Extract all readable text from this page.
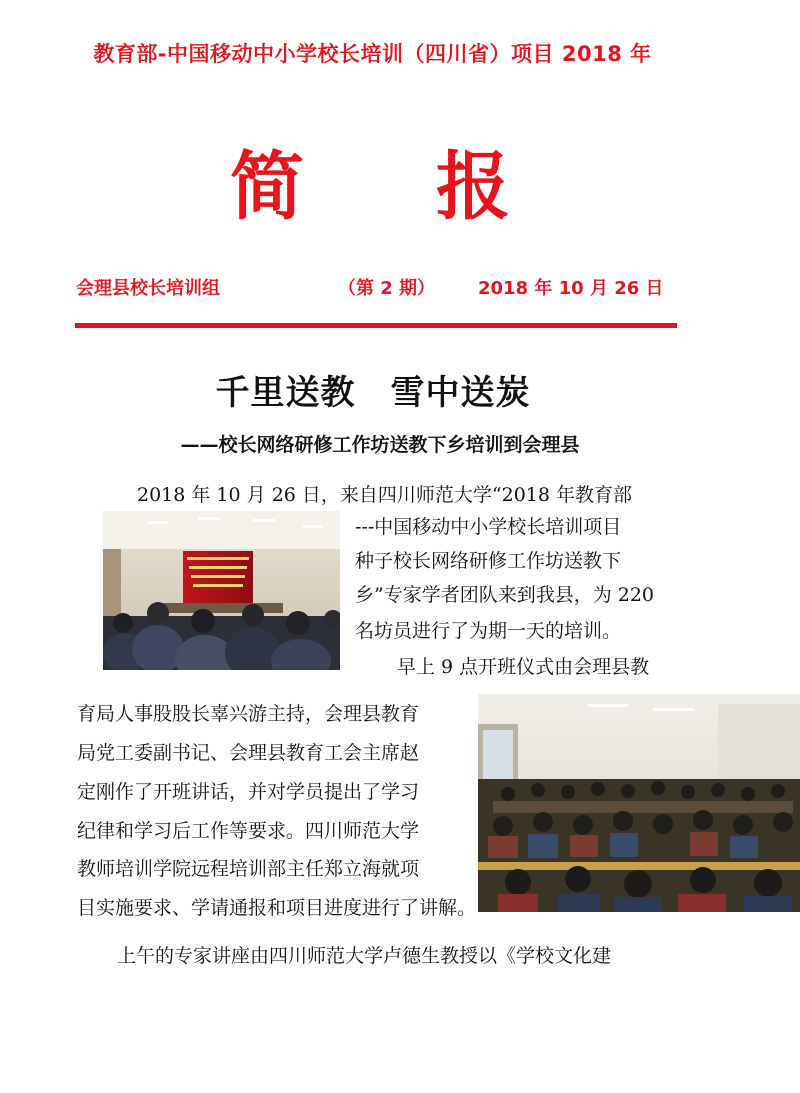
教育部-中国移动中小学校长培训（四川省）项目 2018 年
简 报
会理县校长培训组	（第 2 期） 2018 年 10 月 26 日
千里送教　雪中送炭
——校长网络研修工作坊送教下乡培训到会理县
2018 年 10 月 26 日，来自四川师范大学“2018 年教育部
---中国移动中小学校长培训项目
种子校长网络研修工作坊送教下
乡”专家学者团队来到我县，为 220
名坊员进行了为期一天的培训。
早上 9 点开班仪式由会理县教
育局人事股股长辜兴游主持，会理县教育
局党工委副书记、会理县教育工会主席赵
定刚作了开班讲话，并对学员提出了学习
纪律和学习后工作等要求。四川师范大学
教师培训学院远程培训部主任郑立海就项
目实施要求、学请通报和项目进度进行了讲解。
上午的专家讲座由四川师范大学卢德生教授以《学校文化建
